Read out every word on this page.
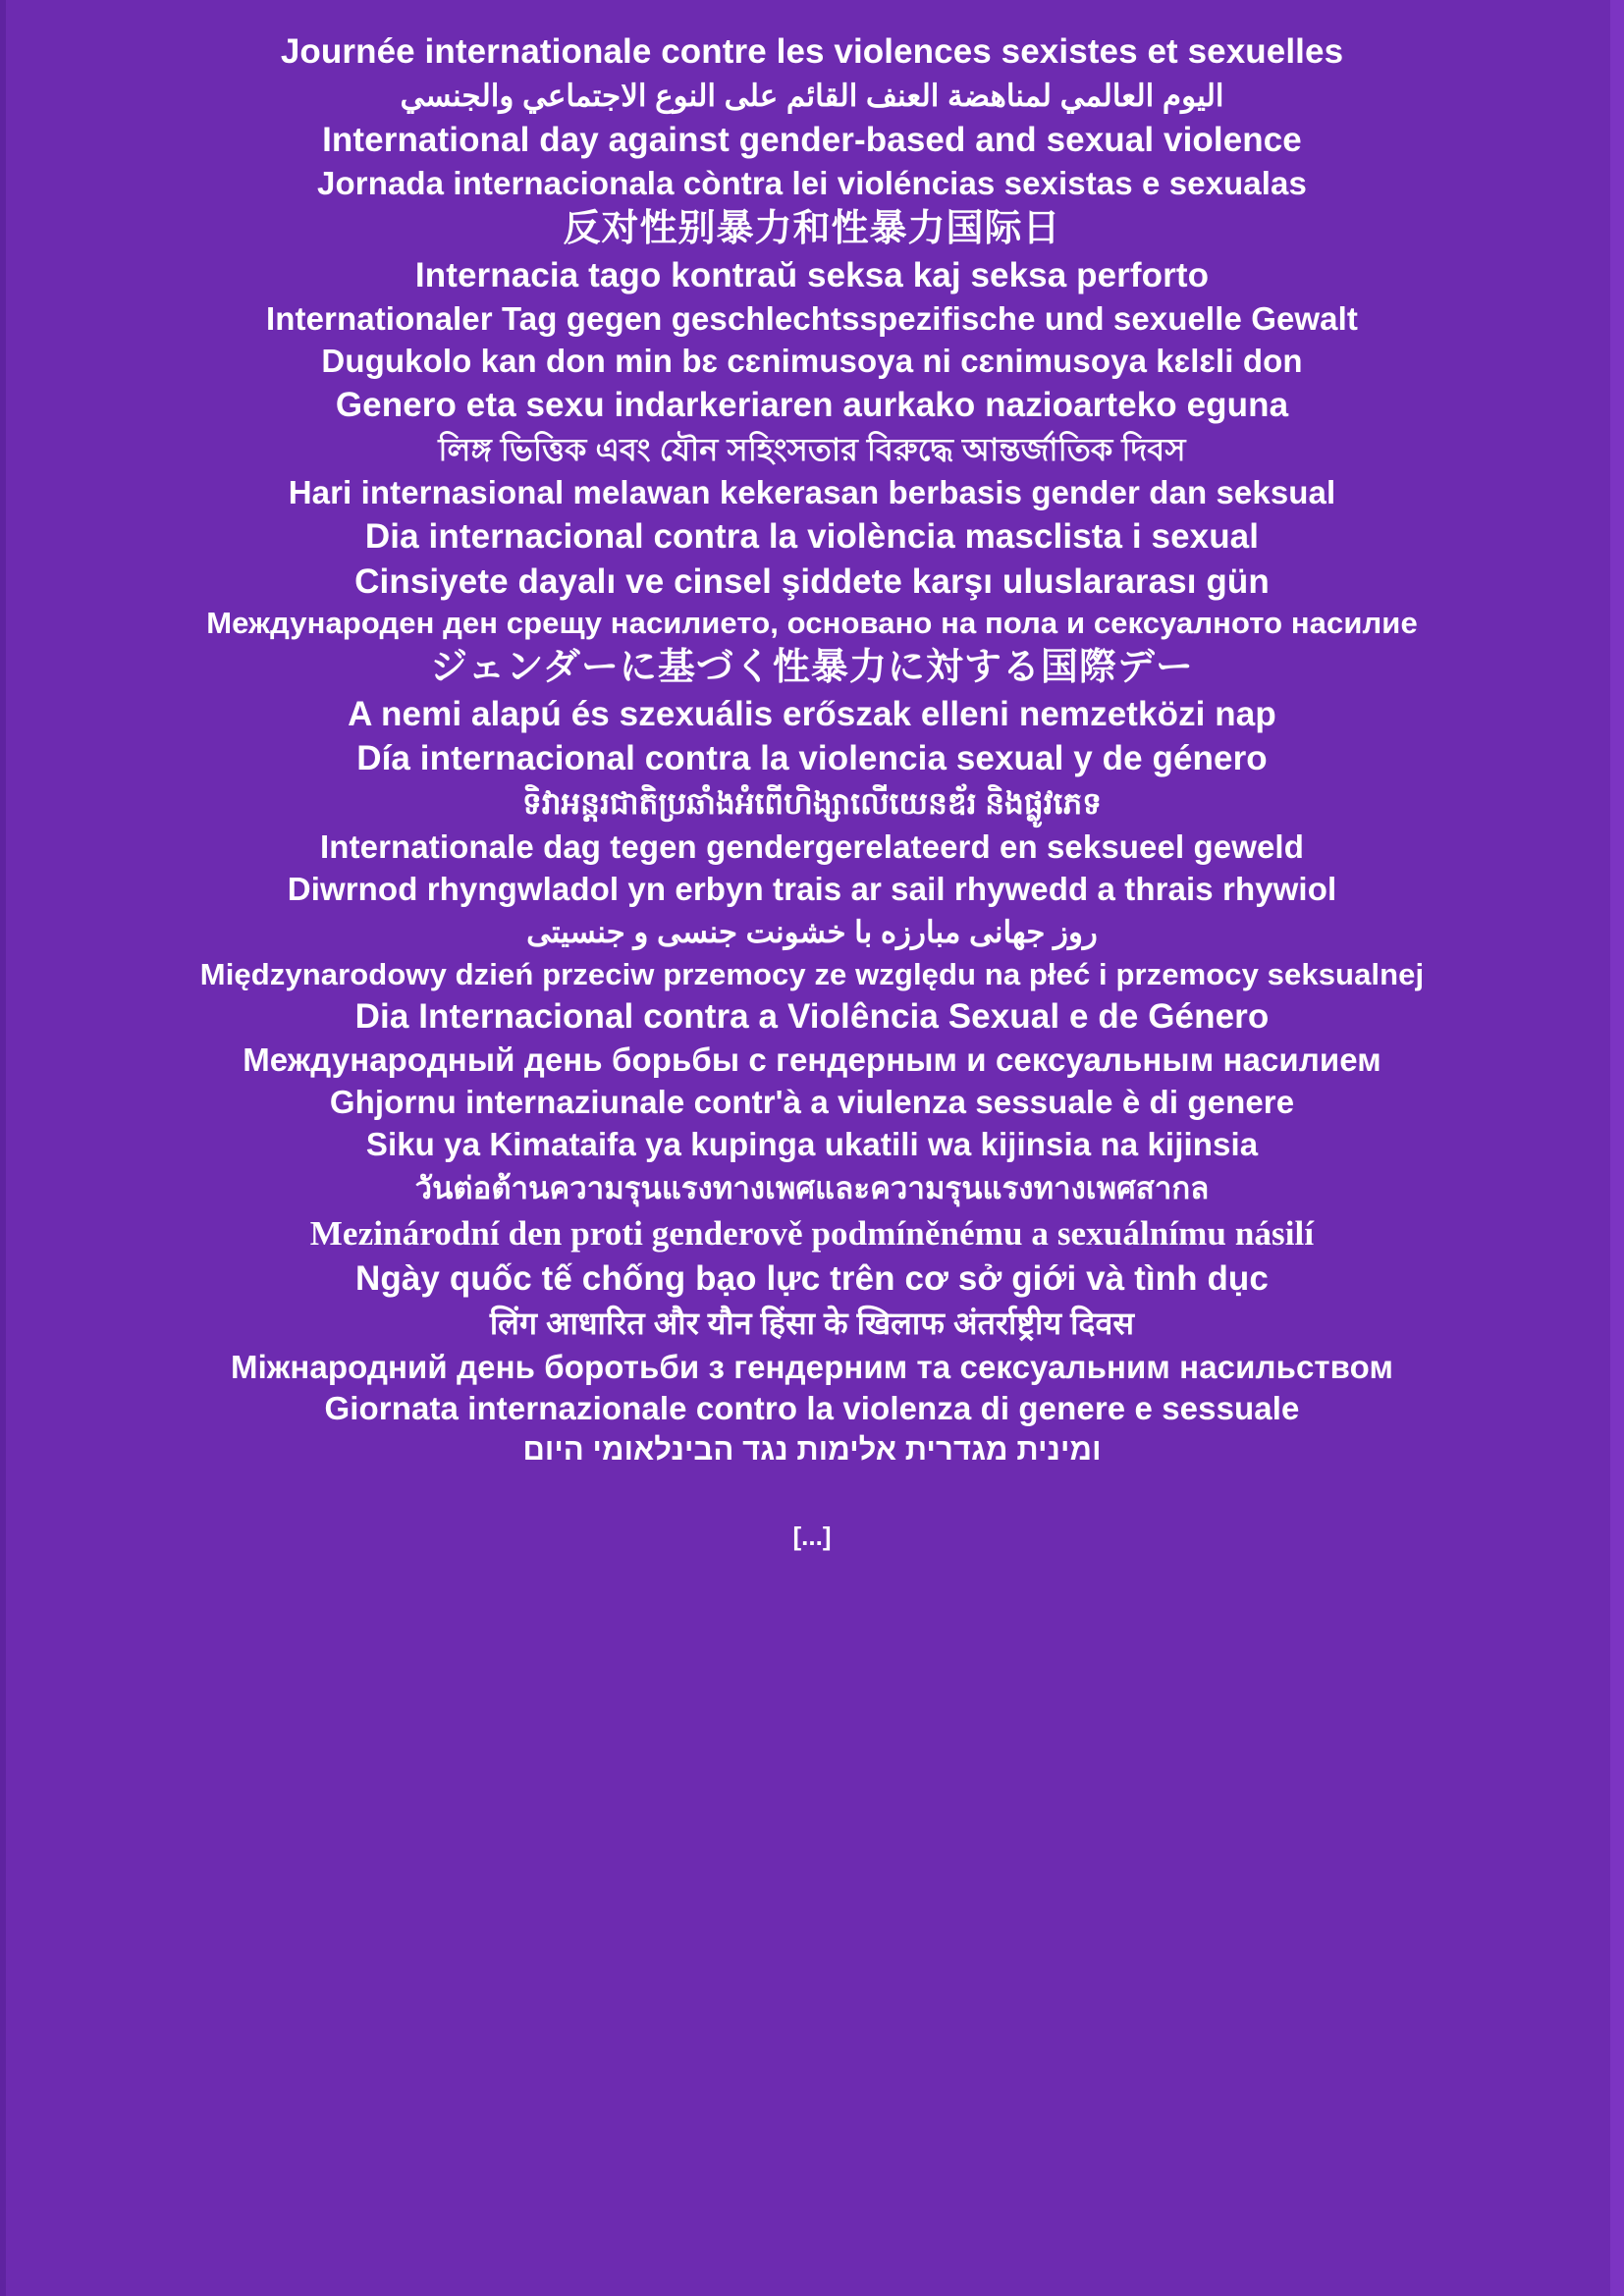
Journée internationale contre les violences sexistes et sexuelles
اليوم العالمي لمناهضة العنف القائم على النوع الاجتماعي والجنسي
International day against gender-based and sexual violence
Jornada internacionala còntra lei violéncias sexistas e sexualas
反对性别暴力和性暴力国际日
Internacia tago kontraŭ seksa kaj seksa perforto
Internationaler Tag gegen geschlechtsspezifische und sexuelle Gewalt
Dugukolo kan don min bɛ cɛnimusoya ni cɛnimusoya kɛlɛli don
Genero eta sexu indarkeriaren aurkako nazioarteko eguna
লিঙ্গ ভিত্তিক এবং যৌন সহিংসতার বিরুদ্ধে আন্তর্জাতিক দিবস
Hari internasional melawan kekerasan berbasis gender dan seksual
Dia internacional contra la violència masclista i sexual
Cinsiyete dayalı ve cinsel şiddete karşı uluslararası gün
Международен ден срещу насилието, основано на пола и сексуалното насилие
ジェンダーに基づく性暴力に対する国際デー
A nemi alapú és szexuális erőszak elleni nemzetközi nap
Día internacional contra la violencia sexual y de género
ទិវាអន្តរជាតិប្រឆាំងអំពើហិង្សាលើយេនឌ័រ និងផ្លូវភេទ
Internationale dag tegen gendergerelateerd en seksueel geweld
Diwrnod rhyngwladol yn erbyn trais ar sail rhywedd a thrais rhywiol
روز جهانی مبارزه با خشونت جنسی و جنسیتی
Międzynarodowy dzień przeciw przemocy ze względu na płeć i przemocy seksualnej
Dia Internacional contra a Violência Sexual e de Género
Международный день борьбы с гендерным и сексуальным насилием
Ghjornu internaziunale contr'à a viulenza sessuale è di genere
Siku ya Kimataifa ya kupinga ukatili wa kijinsia na kijinsia
วันต่อต้านความรุนแรงทางเพศและความรุนแรงทางเพศสากล
Mezinárodní den proti genderově podmíněnému a sexuálnímu násilí
Ngày quốc tế chống bạo lực trên cơ sở giới và tình dục
लिंग आधारित और यौन हिंसा के खिलाफ अंतर्राष्ट्रीय दिवस
Міжнародний день боротьби з гендерним та сексуальним насильством
Giornata internazionale contro la violenza di genere e sessuale
ומינית מגדרית אלימות נגד הבינלאומי היום
[...]
